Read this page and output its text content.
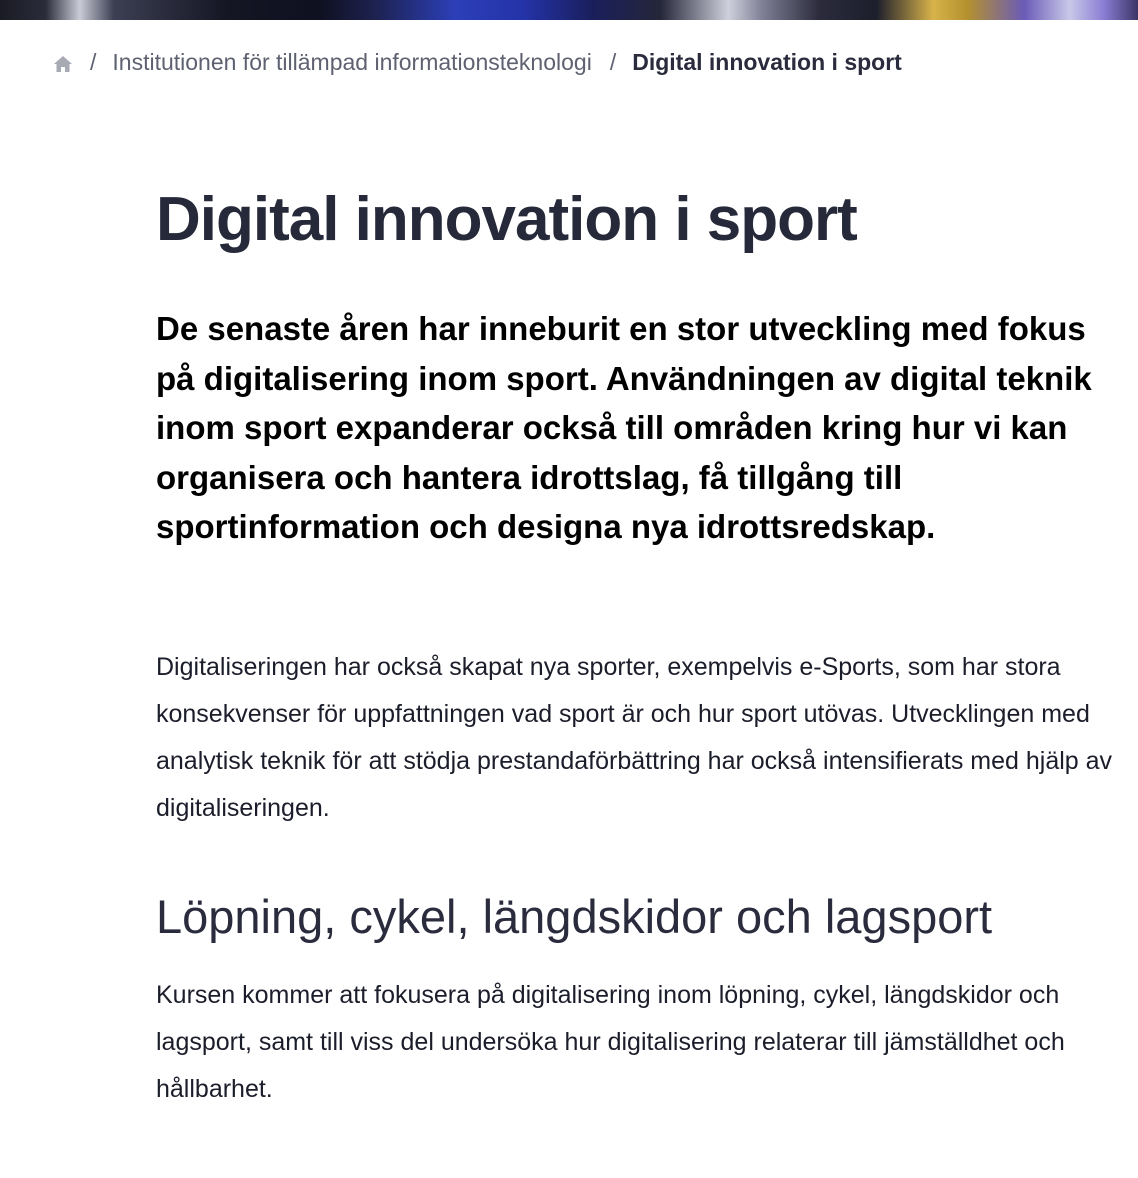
/ Institutionen för tillämpad informationsteknologi / Digital innovation i sport
Digital innovation i sport

De senaste åren har inneburit en stor utveckling med fokus på digitalisering inom sport. Användningen av digital teknik inom sport expanderar också till områden kring hur vi kan organisera och hantera idrottslag, få tillgång till sportinformation och designa nya idrottsredskap.

Digitaliseringen har också skapat nya sporter, exempelvis e-Sports, som har stora konsekvenser för uppfattningen vad sport är och hur sport utövas. Utvecklingen med analytisk teknik för att stödja prestandaförbättring har också intensifierats med hjälp av digitaliseringen.

Löpning, cykel, längdskidor och lagsport

Kursen kommer att fokusera på digitalisering inom löpning, cykel, längdskidor och lagsport, samt till viss del undersöka hur digitalisering relaterar till jämställdhet och hållbarhet.
